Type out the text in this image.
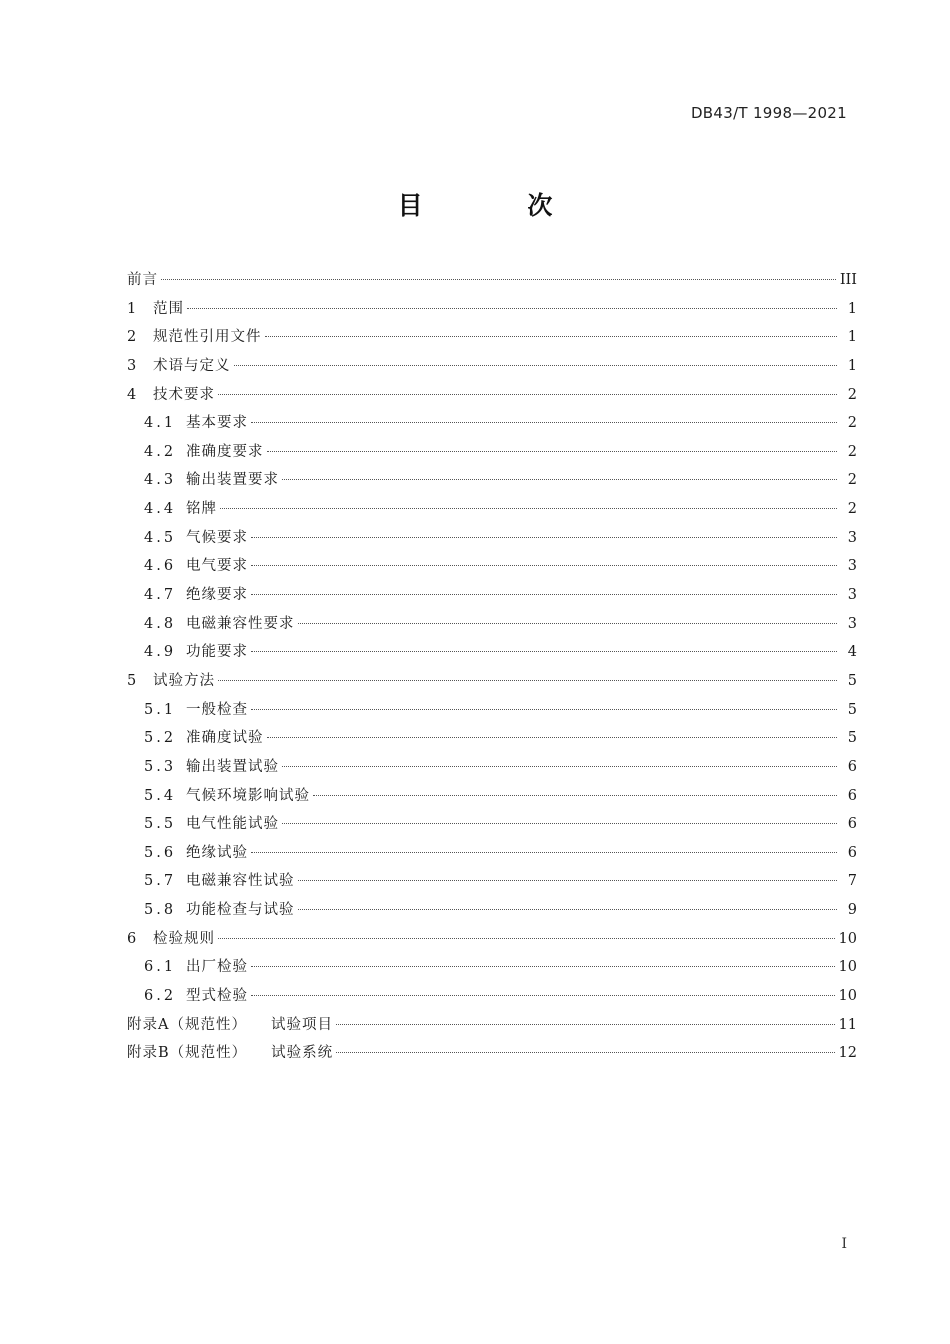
DB43/T 1998—2021
目 次
前言	III
1	范围	1
2	规范性引用文件	1
3	术语与定义	1
4	技术要求	2
4.1 基本要求	2
4.2 准确度要求	2
4.3 输出装置要求	2
4.4 铭牌	2
4.5 气候要求	3
4.6 电气要求	3
4.7 绝缘要求	3
4.8 电磁兼容性要求	3
4.9 功能要求	4
5	试验方法	5
5.1 一般检查	5
5.2 准确度试验	5
5.3 输出装置试验	6
5.4 气候环境影响试验	6
5.5 电气性能试验	6
5.6 绝缘试验	6
5.7 电磁兼容性试验	7
5.8 功能检查与试验	9
6	检验规则	10
6.1 出厂检验	10
6.2 型式检验	10
附录A（规范性） 试验项目	11
附录B（规范性） 试验系统	12
I
